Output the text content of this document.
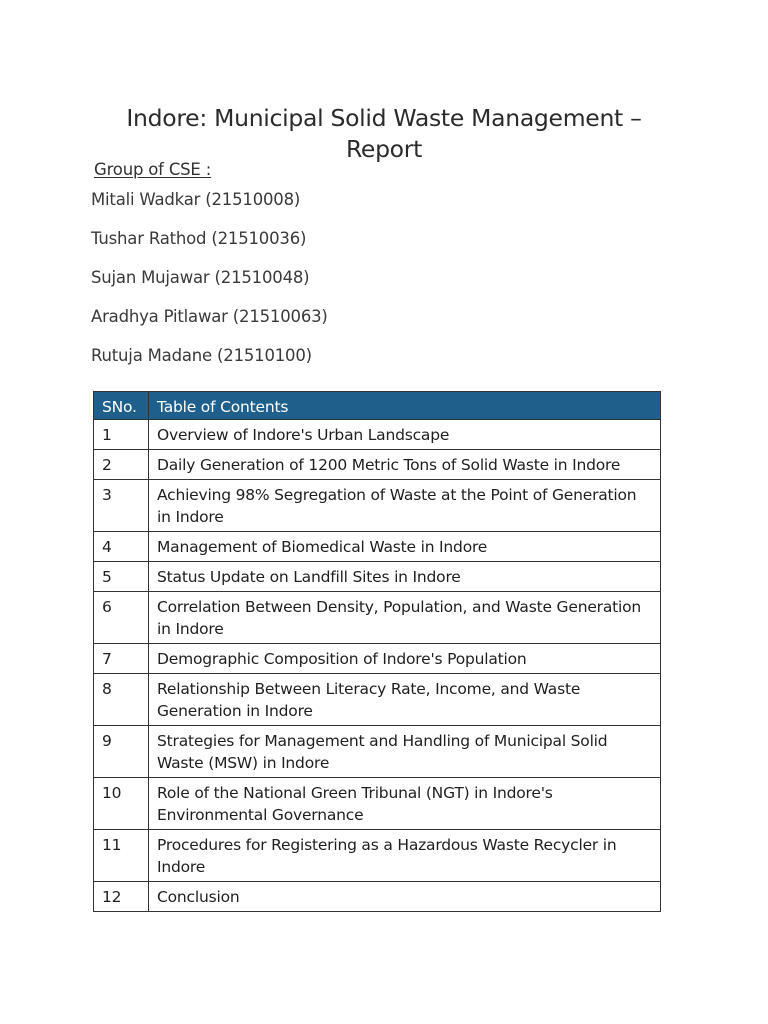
Indore: Municipal Solid Waste Management –
Report
Group of CSE :
Mitali Wadkar (21510008)
Tushar Rathod (21510036)
Sujan Mujawar (21510048)
Aradhya Pitlawar (21510063)
Rutuja Madane (21510100)
SNo.	Table of Contents
1	Overview of Indore's Urban Landscape
2	Daily Generation of 1200 Metric Tons of Solid Waste in Indore
3	Achieving 98% Segregation of Waste at the Point of Generation in Indore
4	Management of Biomedical Waste in Indore
5	Status Update on Landfill Sites in Indore
6	Correlation Between Density, Population, and Waste Generation in Indore
7	Demographic Composition of Indore's Population
8	Relationship Between Literacy Rate, Income, and Waste Generation in Indore
9	Strategies for Management and Handling of Municipal Solid Waste (MSW) in Indore
10	Role of the National Green Tribunal (NGT) in Indore's Environmental Governance
11	Procedures for Registering as a Hazardous Waste Recycler in Indore
12	Conclusion
